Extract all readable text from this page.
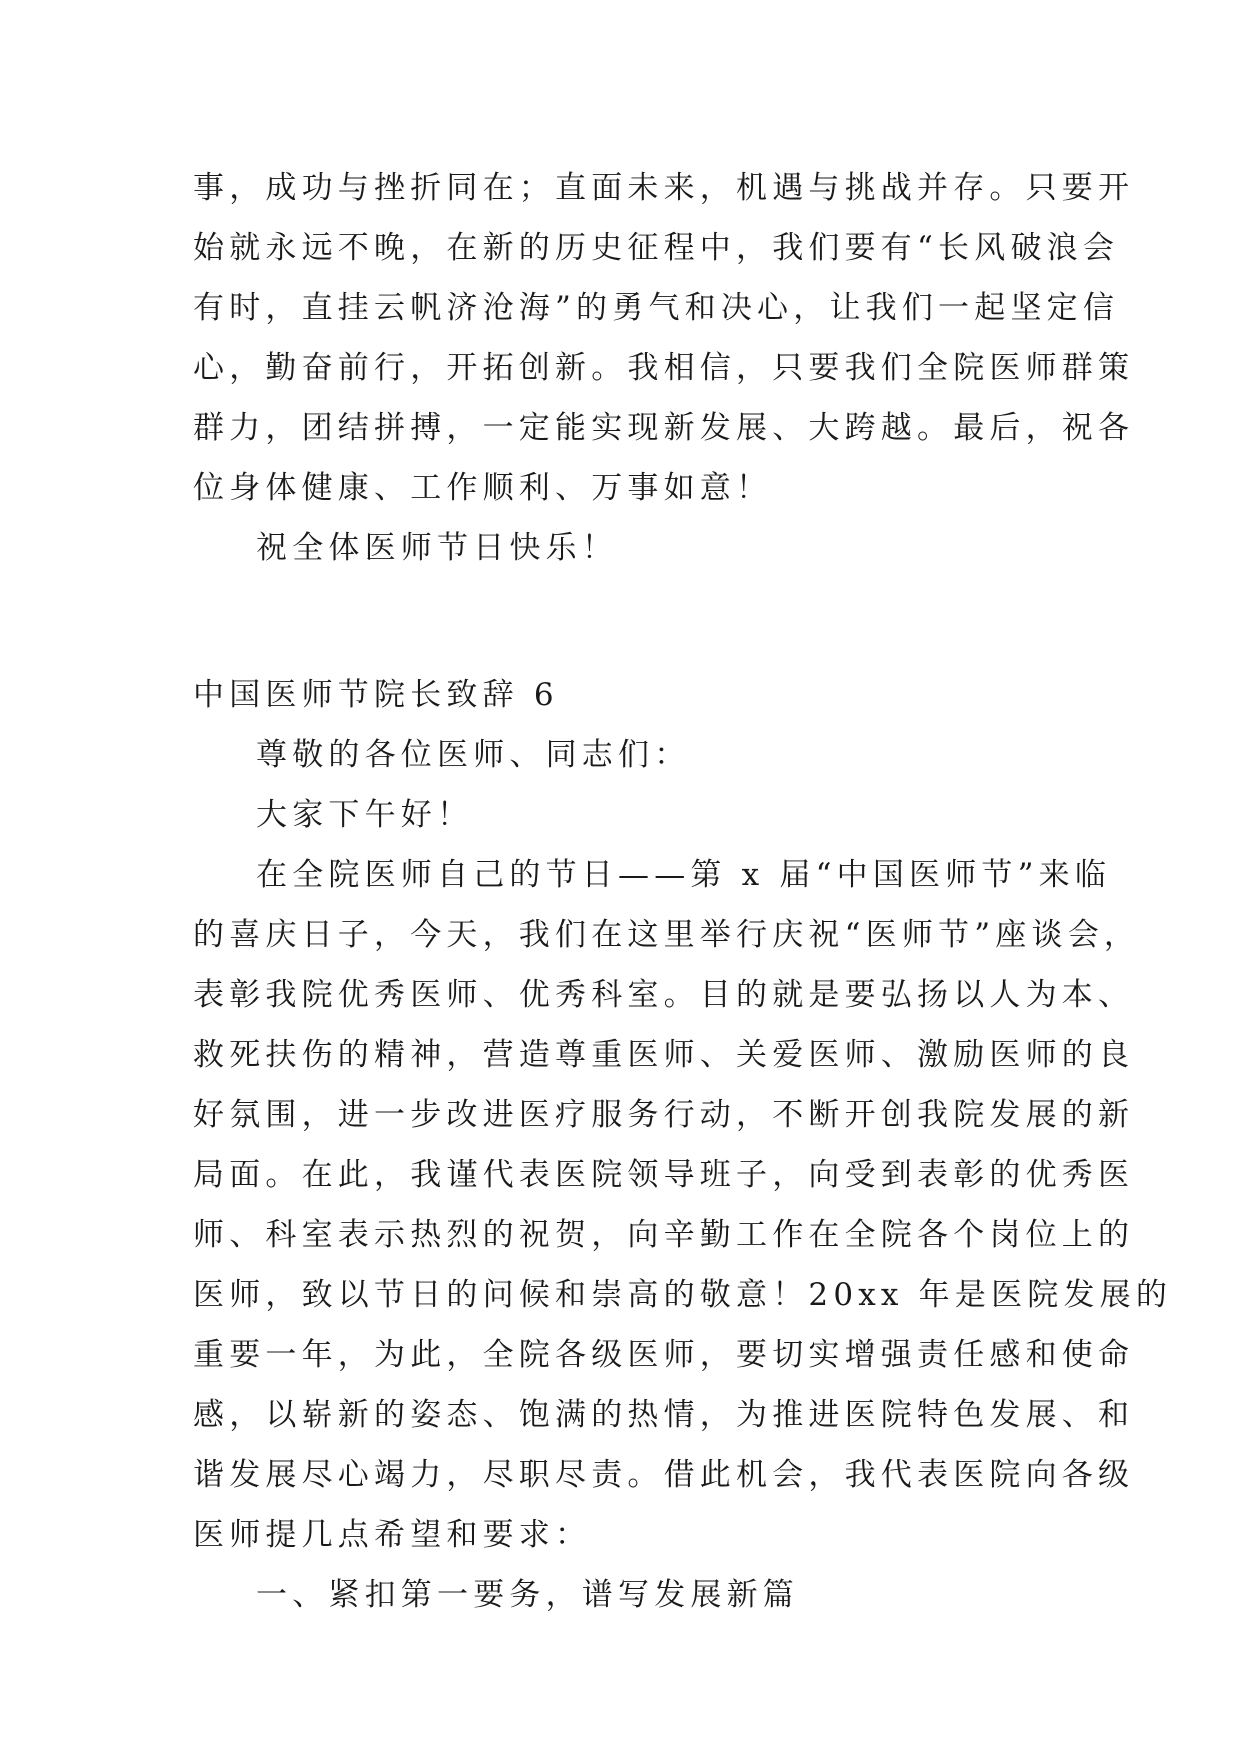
事，成功与挫折同在；直面未来，机遇与挑战并存。只要开
始就永远不晚，在新的历史征程中，我们要有“长风破浪会
有时，直挂云帆济沧海”的勇气和决心，让我们一起坚定信
心，勤奋前行，开拓创新。我相信，只要我们全院医师群策
群力，团结拼搏，一定能实现新发展、大跨越。最后，祝各
位身体健康、工作顺利、万事如意！
祝全体医师节日快乐！
中国医师节院长致辞 6
尊敬的各位医师、同志们：
大家下午好！
在全院医师自己的节日——第 x 届“中国医师节”来临
的喜庆日子，今天，我们在这里举行庆祝“医师节”座谈会，
表彰我院优秀医师、优秀科室。目的就是要弘扬以人为本、
救死扶伤的精神，营造尊重医师、关爱医师、激励医师的良
好氛围，进一步改进医疗服务行动，不断开创我院发展的新
局面。在此，我谨代表医院领导班子，向受到表彰的优秀医
师、科室表示热烈的祝贺，向辛勤工作在全院各个岗位上的
医师，致以节日的问候和崇高的敬意！20xx 年是医院发展的
重要一年，为此，全院各级医师，要切实增强责任感和使命
感，以崭新的姿态、饱满的热情，为推进医院特色发展、和
谐发展尽心竭力，尽职尽责。借此机会，我代表医院向各级
医师提几点希望和要求：
一、紧扣第一要务，谱写发展新篇
